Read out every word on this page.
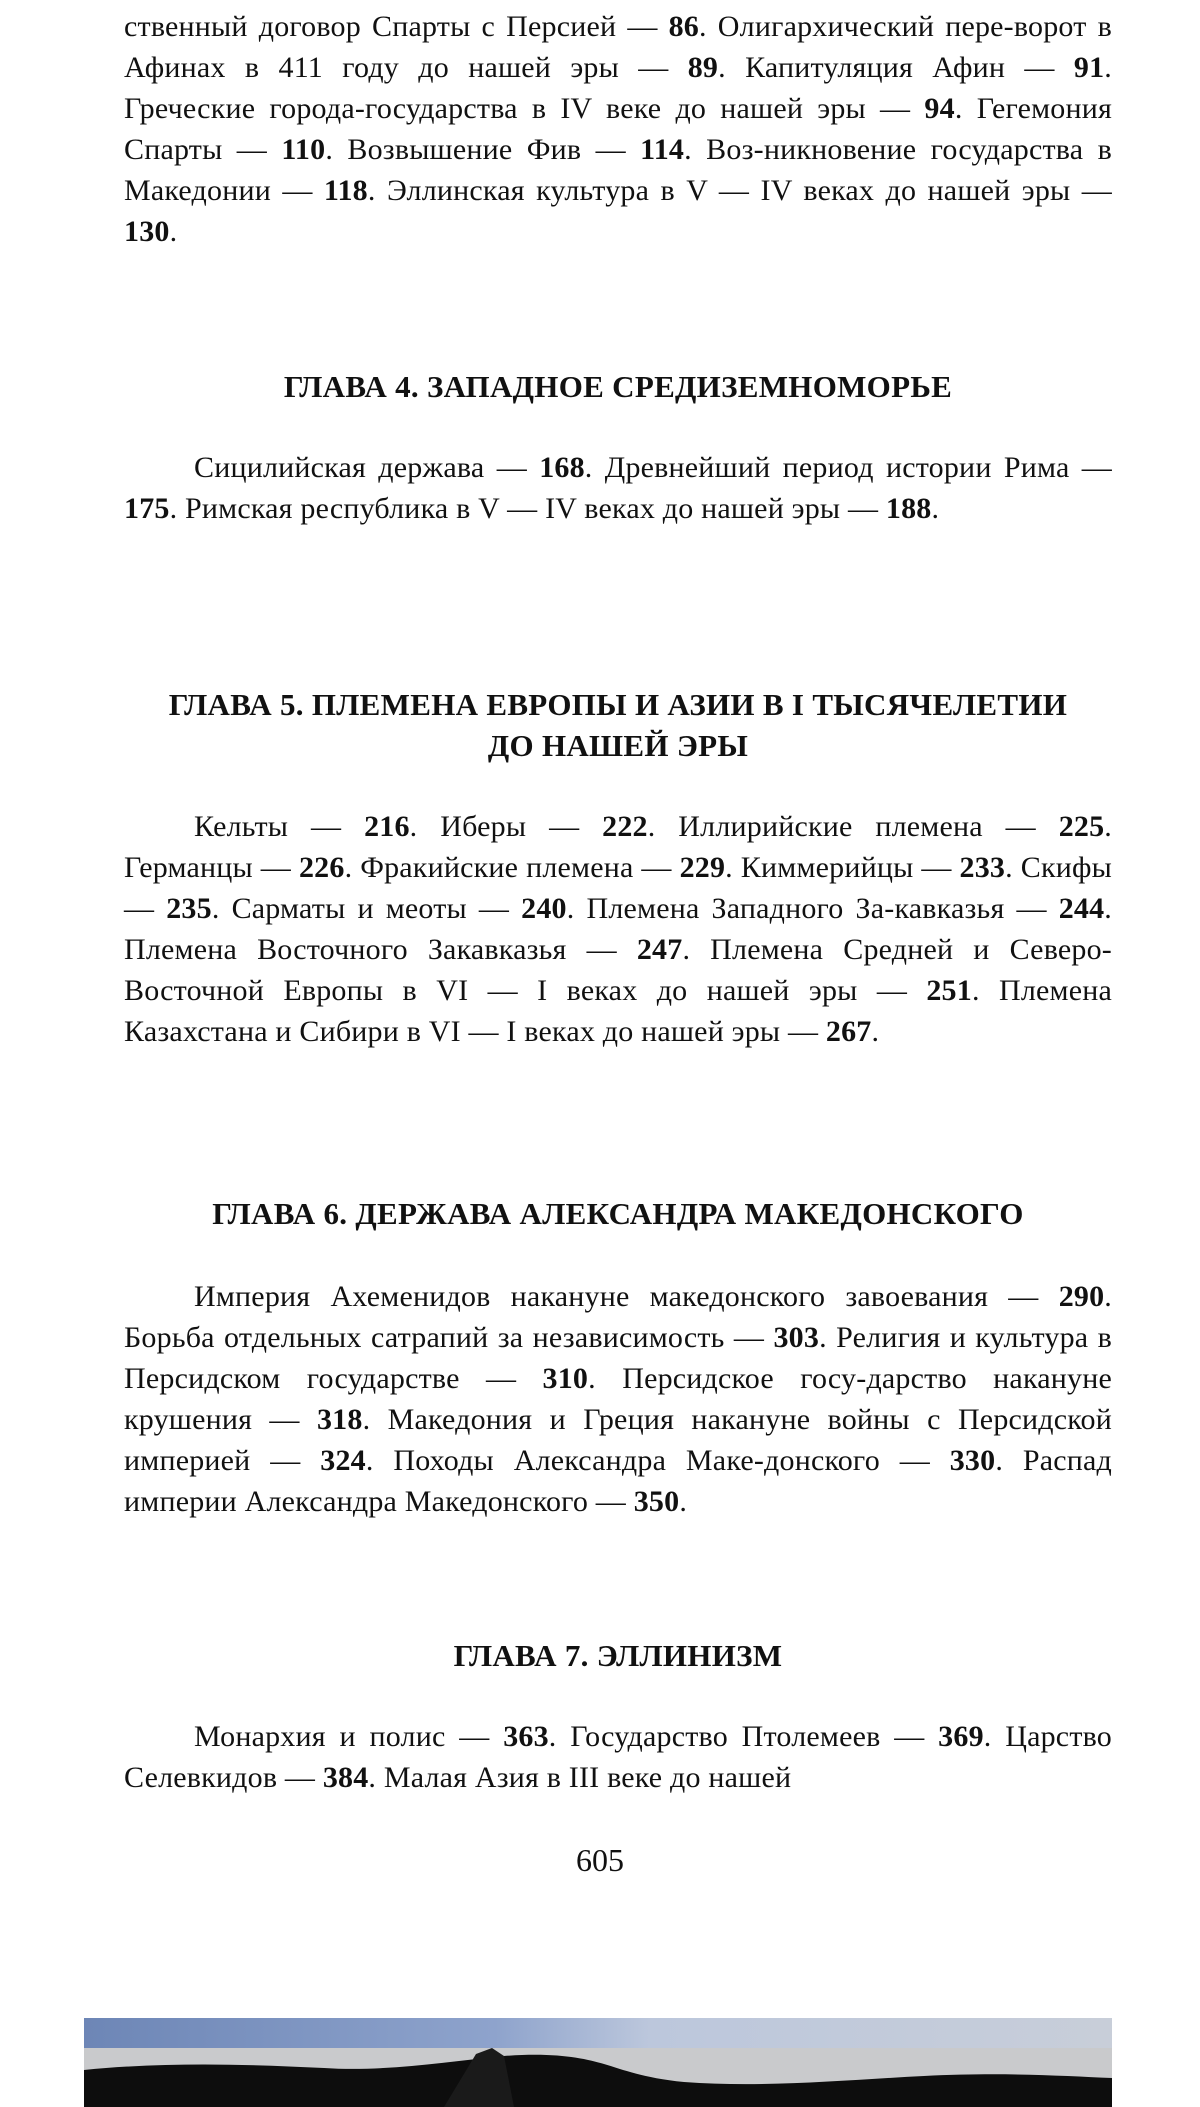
ственный договор Спарты с Персией — 86. Олигархический пере-ворот в Афинах в 411 году до нашей эры — 89. Капитуляция Афин — 91. Греческие города-государства в IV веке до нашей эры — 94. Гегемония Спарты — 110. Возвышение Фив — 114. Воз-никновение государства в Македонии — 118. Эллинская культура в V — IV веках до нашей эры — 130.
ГЛАВА 4. ЗАПАДНОЕ СРЕДИЗЕМНОМОРЬЕ
Сицилийская держава — 168. Древнейший период истории Рима — 175. Римская республика в V — IV веках до нашей эры — 188.
ГЛАВА 5. ПЛЕМЕНА ЕВРОПЫ И АЗИИ В I ТЫСЯЧЕЛЕТИИ
ДО НАШЕЙ ЭРЫ
Кельты — 216. Иберы — 222. Иллирийские племена — 225. Германцы — 226. Фракийские племена — 229. Киммерийцы — 233. Скифы — 235. Сарматы и меоты — 240. Племена Западного За-кавказья — 244. Племена Восточного Закавказья — 247. Племена Средней и Северо-Восточной Европы в VI — I веках до нашей эры — 251. Племена Казахстана и Сибири в VI — I веках до нашей эры — 267.
ГЛАВА 6. ДЕРЖАВА АЛЕКСАНДРА МАКЕДОНСКОГО
Империя Ахеменидов накануне македонского завоевания — 290. Борьба отдельных сатрапий за независимость — 303. Религия и культура в Персидском государстве — 310. Персидское госу-дарство накануне крушения — 318. Македония и Греция накануне войны с Персидской империей — 324. Походы Александра Маке-донского — 330. Распад империи Александра Македонского — 350.
ГЛАВА 7. ЭЛЛИНИЗМ
Монархия и полис — 363. Государство Птолемеев — 369. Царство Селевкидов — 384. Малая Азия в III веке до нашей
605
